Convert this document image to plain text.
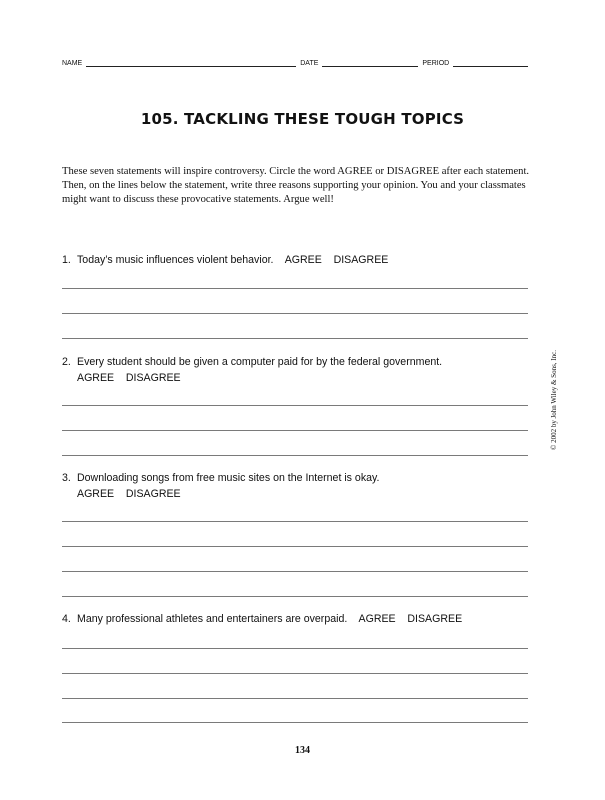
NAME	DATE	PERIOD
105. TACKLING THESE TOUGH TOPICS
These seven statements will inspire controversy. Circle the word AGREE or DISAGREE after each statement. Then, on the lines below the statement, write three reasons supporting your opinion. You and your classmates might want to discuss these provocative statements. Argue well!
1. Today’s music influences violent behavior. AGREE DISAGREE
2. Every student should be given a computer paid for by the federal government.
AGREE DISAGREE
3. Downloading songs from free music sites on the Internet is okay.
AGREE DISAGREE
4. Many professional athletes and entertainers are overpaid. AGREE DISAGREE
© 2002 by John Wiley & Sons, Inc.
134
